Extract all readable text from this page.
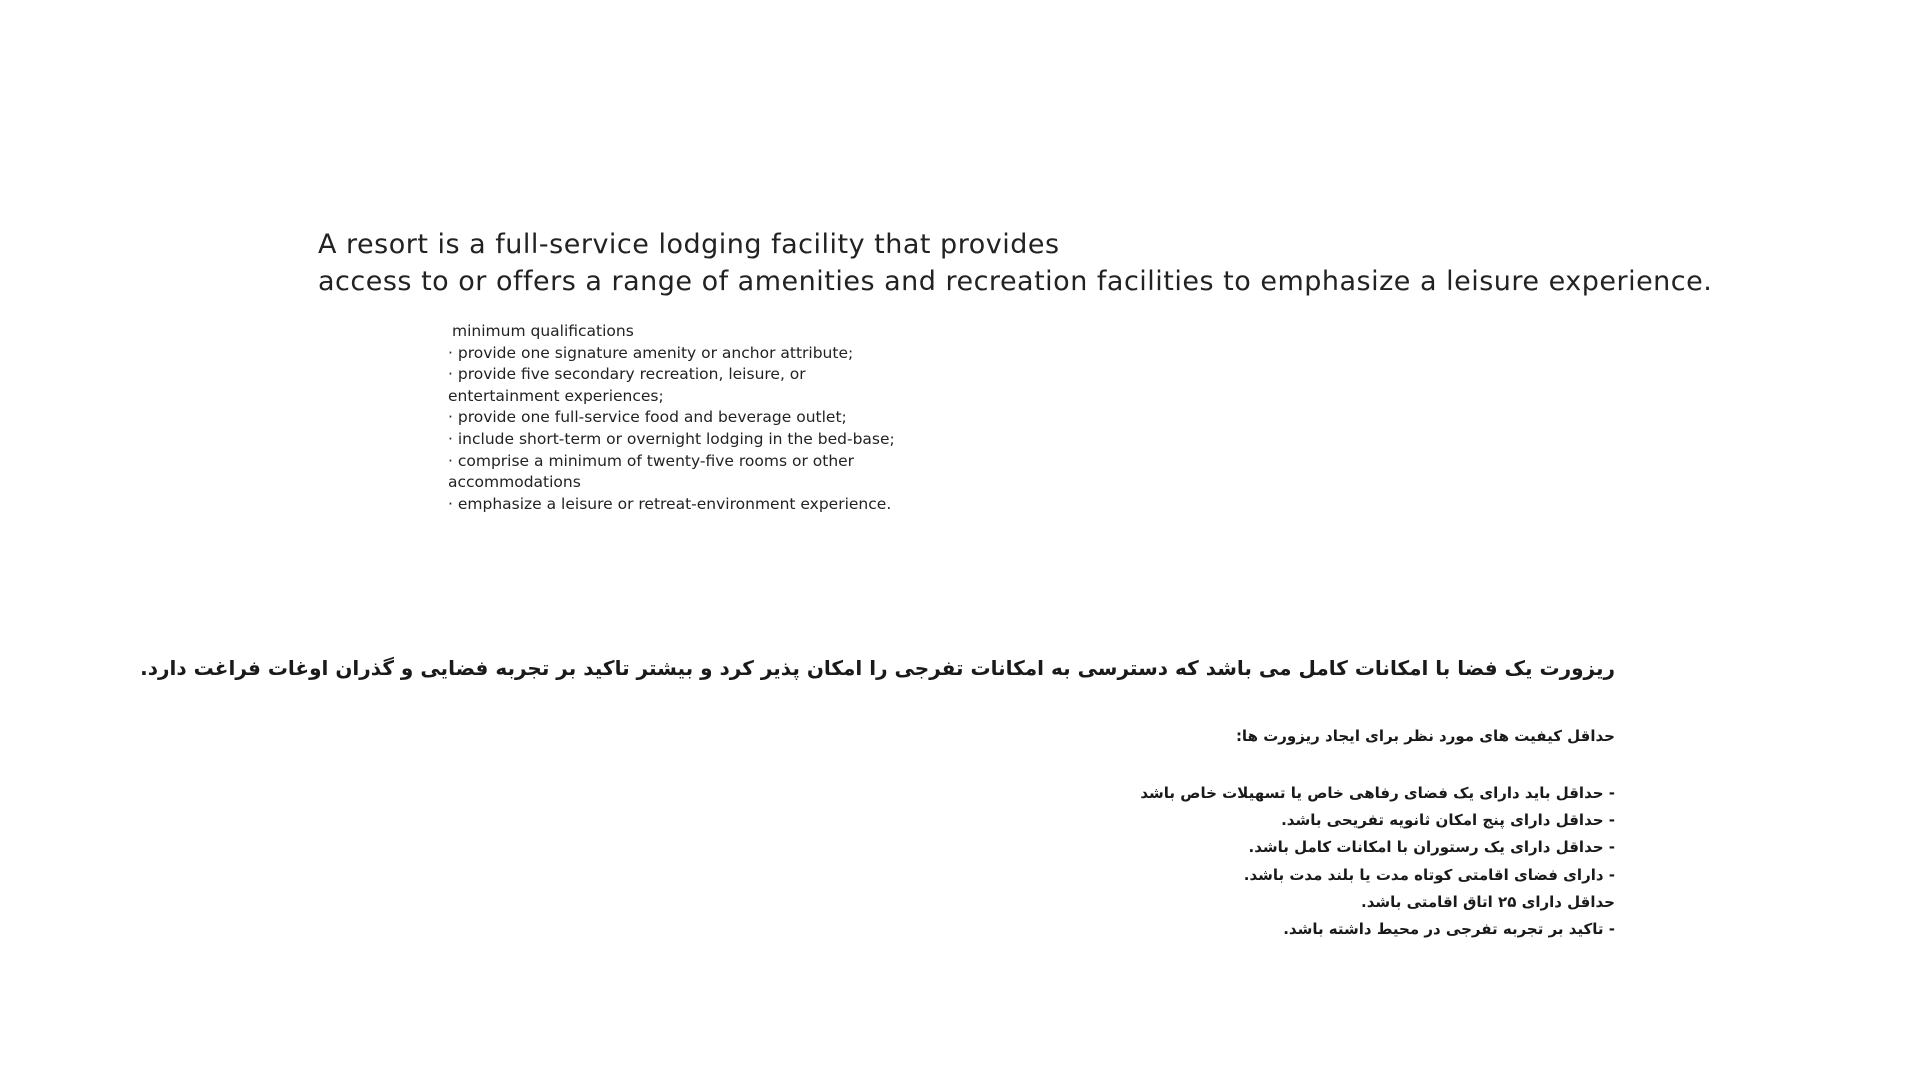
A resort is a full-service lodging facility that provides
access to or offers a range of amenities and recreation facilities to emphasize a leisure experience.
minimum qualifications
· provide one signature amenity or anchor attribute;
· provide five secondary recreation, leisure, or
entertainment experiences;
· provide one full-service food and beverage outlet;
· include short-term or overnight lodging in the bed-base;
· comprise a minimum of twenty-five rooms or other
accommodations
· emphasize a leisure or retreat-environment experience.
ریزورت یک فضا با امکانات کامل می باشد که دسترسی به امکانات تفرجی را امکان پذیر کرد و بیشتر تاکید بر تجربه فضایی و گذران اوغات فراغت دارد.
حداقل کیفیت های مورد نظر برای ایجاد ریزورت ها:
- حداقل باید دارای یک فضای رفاهی خاص یا تسهیلات خاص باشد
- حداقل دارای پنج امکان ثانویه تفریحی باشد.
- حداقل دارای یک رستوران با امکانات کامل باشد.
- دارای فضای اقامتی کوتاه مدت یا بلند مدت باشد.
حداقل دارای ۲۵ اتاق اقامتی باشد.
- تاکید بر تجربه تفرجی در محیط داشته باشد.
